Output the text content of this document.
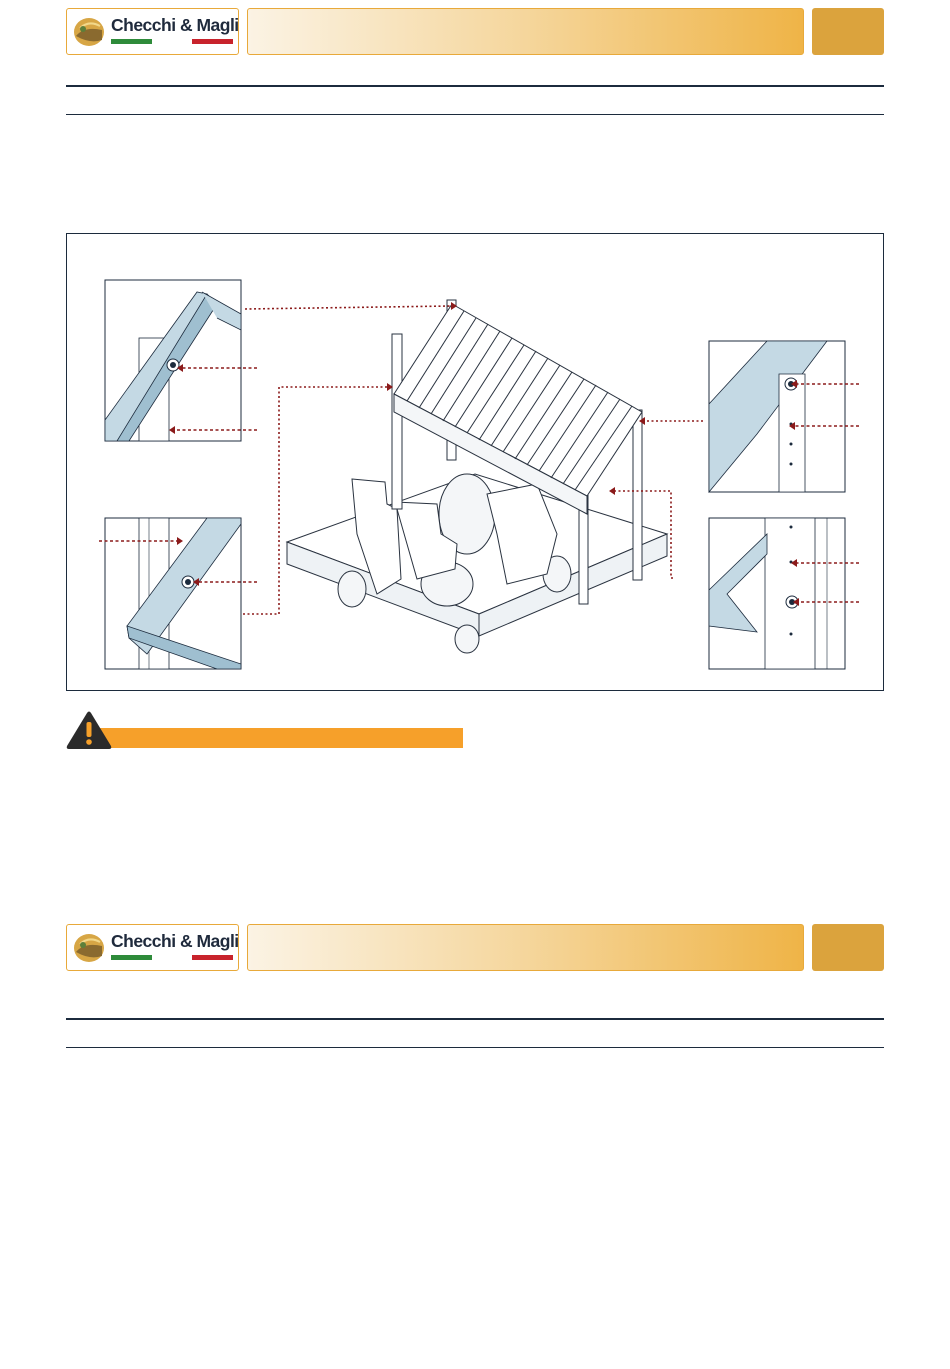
Checchi & Magli
Checchi & Magli
